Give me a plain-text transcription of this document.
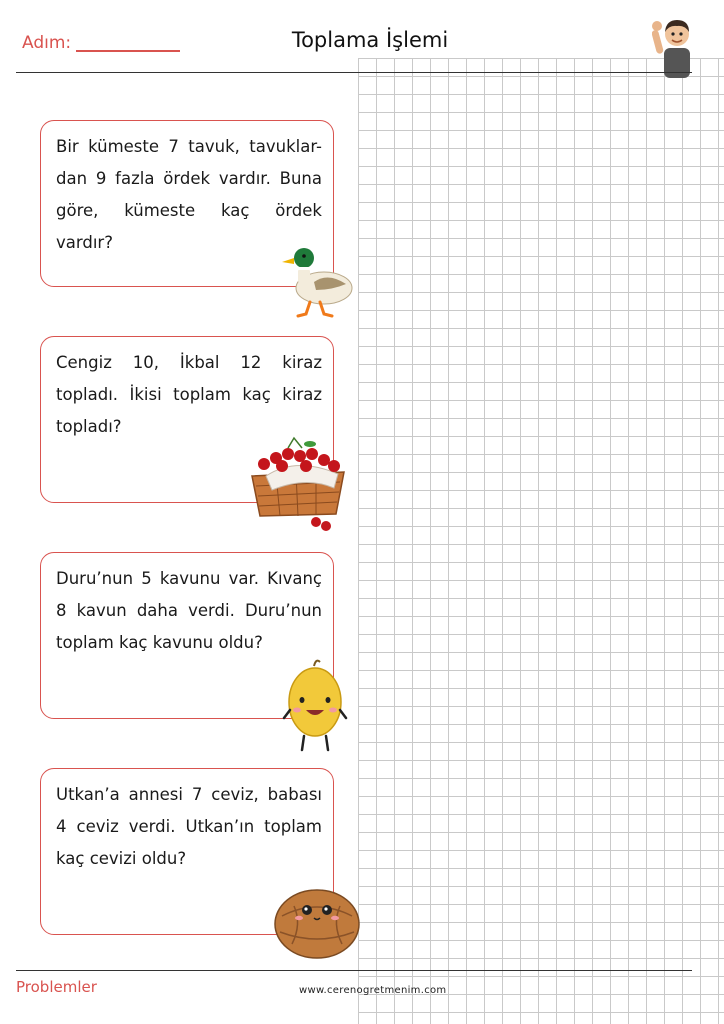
Adım:	Toplama İşlemi
Bir kümeste 7 tavuk, tavuklar-dan 9 fazla ördek vardır. Buna göre, kümeste kaç ördek vardır?
Cengiz 10, İkbal 12 kiraz topladı. İkisi toplam kaç kiraz topladı?
Duru’nun 5 kavunu var. Kıvanç 8 kavun daha verdi. Duru’nun toplam kaç kavunu oldu?
Utkan’a annesi 7 ceviz, babası 4 ceviz verdi. Utkan’ın toplam kaç cevizi oldu?
Problemler	www.cerenogretmenim.com
